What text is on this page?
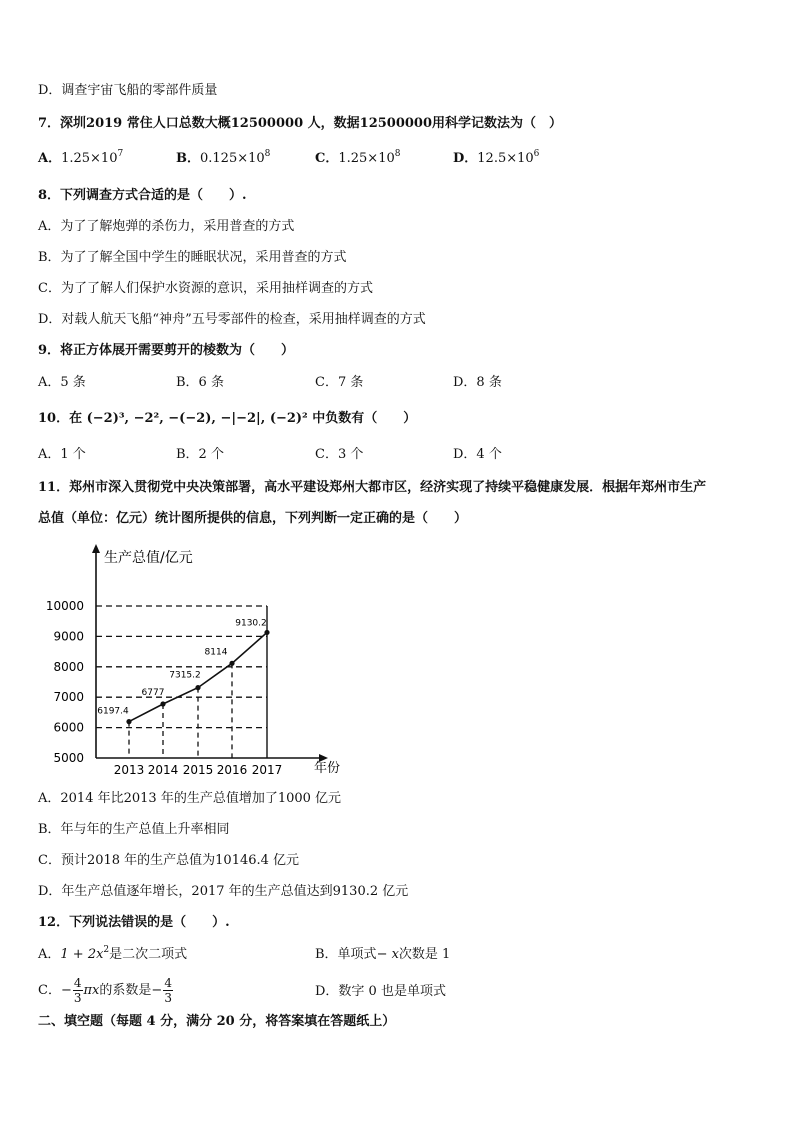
D．调查宇宙飞船的零部件质量
7．深圳2019 常住人口总数大概12500000 人，数据12500000用科学记数法为（　）
A．$1.25\times 10^7$	B．$0.125\times 10^8$	C．$1.25\times 10^8$	D．$12.5\times 10^6$
8．下列调查方式合适的是（　　）.
A．为了了解炮弹的杀伤力，采用普查的方式
B．为了了解全国中学生的睡眠状况，采用普查的方式
C．为了了解人们保护水资源的意识，采用抽样调查的方式
D．对载人航天飞船“神舟”五号零部件的检查，采用抽样调查的方式
9．将正方体展开需要剪开的棱数为（　　）
A．5 条	B．6 条	C．7 条	D．8 条
10．在 (−2)³, −2², −(−2), −|−2|, (−2)² 中负数有（　　）
A．1 个	B．2 个	C．3 个	D．4 个
11．郑州市深入贯彻党中央决策部署，高水平建设郑州大都市区，经济实现了持续平稳健康发展．根据年郑州市生产
总值（单位：亿元）统计图所提供的信息，下列判断一定正确的是（　　）
生产总值/亿元
年份
5000
6000
7000
8000
9000
10000
2013 2014 2015 2016 2017
6197.4
6777
7315.2
8114
9130.2
A．2014 年比2013 年的生产总值增加了1000 亿元
B．年与年的生产总值上升率相同
C．预计2018 年的生产总值为10146.4 亿元
D．年生产总值逐年增长，2017 年的生产总值达到9130.2 亿元
12．下列说法错误的是（　　）.
A．$1 + 2x^2$是二次二项式	B．单项式− x次数是 1
C．− $\frac{4}{3}$ πx的系数是− $\frac{4}{3}$	D．数字 0 也是单项式
二、填空题（每题 4 分，满分 20 分，将答案填在答题纸上）
